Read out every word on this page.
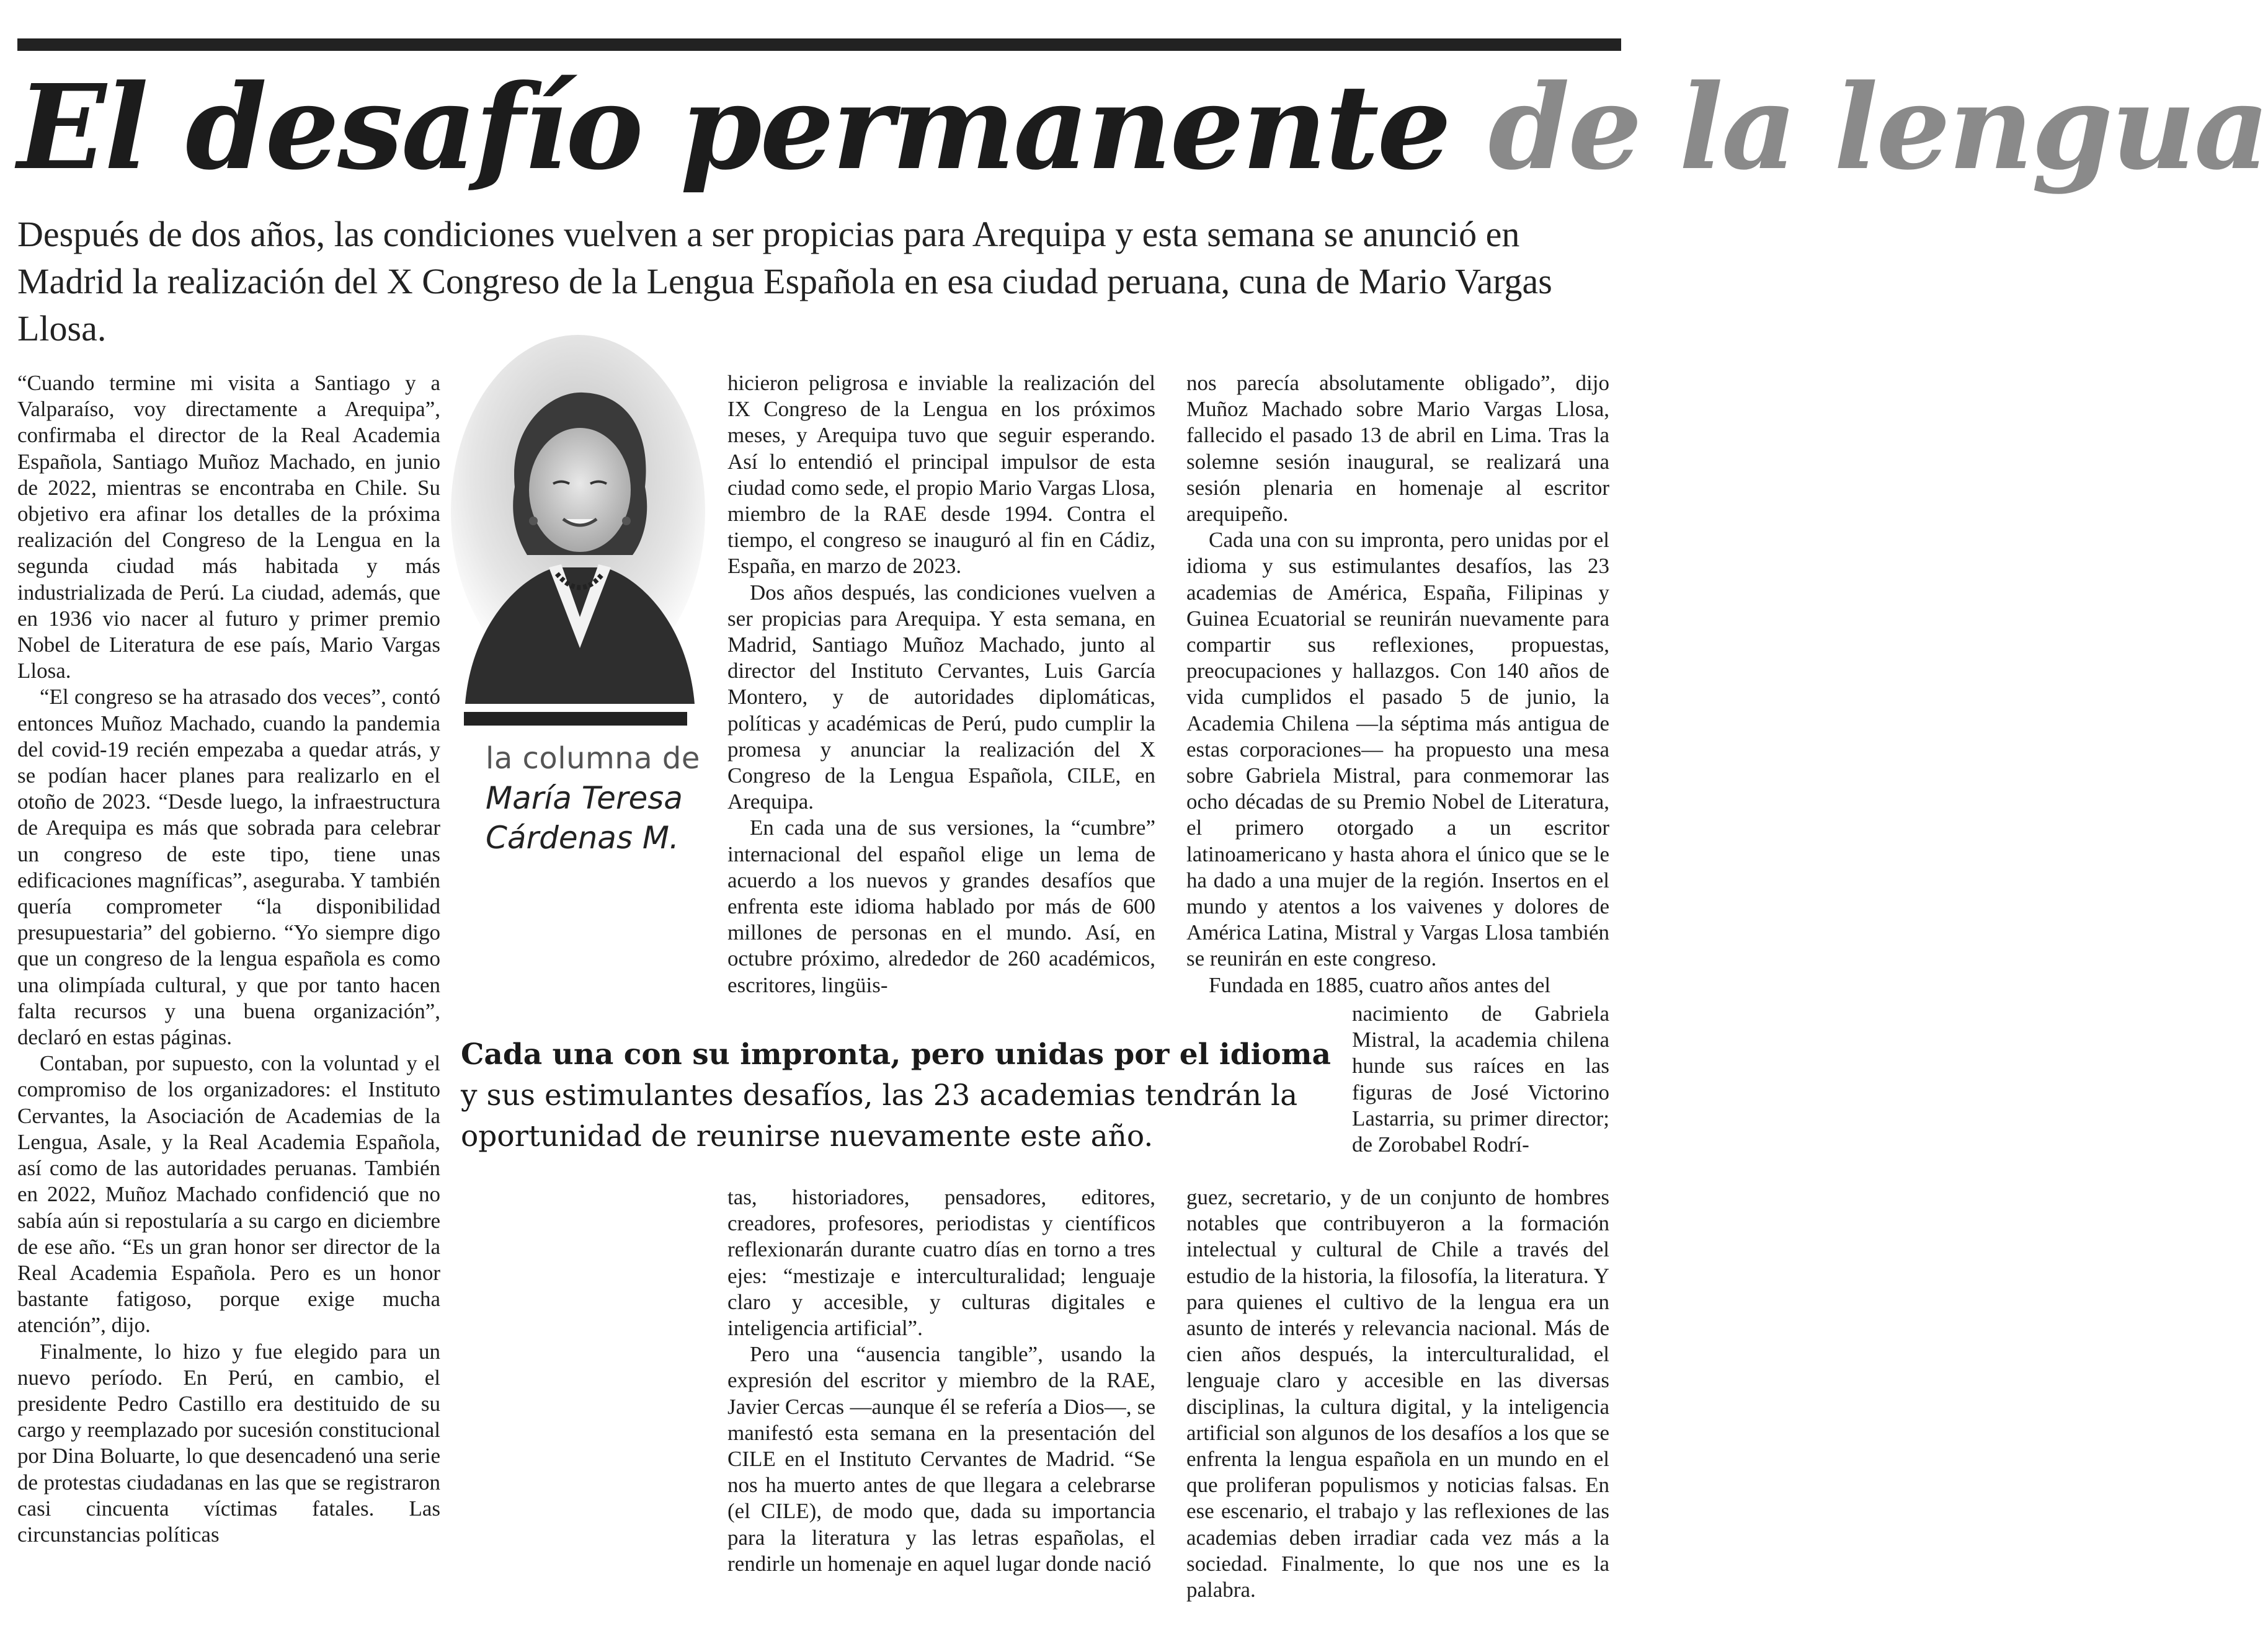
El desafío permanente de la lengua

Después de dos años, las condiciones vuelven a ser propicias para Arequipa y esta semana se anunció en Madrid la realización del X Congreso de la Lengua Española en esa ciudad peruana, cuna de Mario Vargas Llosa.

“Cuando termine mi visita a Santiago y a Valparaíso, voy directamente a Arequipa”, confirmaba el director de la Real Academia Española, Santiago Muñoz Machado, en junio de 2022, mientras se encontraba en Chile. Su objetivo era afinar los detalles de la próxima realización del Congreso de la Lengua en la segunda ciudad más habitada y más industrializada de Perú. La ciudad, además, que en 1936 vio nacer al futuro y primer premio Nobel de Literatura de ese país, Mario Vargas Llosa.

“El congreso se ha atrasado dos veces”, contó entonces Muñoz Machado, cuando la pandemia del covid-19 recién empezaba a quedar atrás, y se podían hacer planes para realizarlo en el otoño de 2023. “Desde luego, la infraestructura de Arequipa es más que sobrada para celebrar un congreso de este tipo, tiene unas edificaciones magníficas”, aseguraba. Y también quería comprometer “la disponibilidad presupuestaria” del gobierno. “Yo siempre digo que un congreso de la lengua española es como una olimpíada cultural, y que por tanto hacen falta recursos y una buena organización”, declaró en estas páginas.

Contaban, por supuesto, con la voluntad y el compromiso de los organizadores: el Instituto Cervantes, la Asociación de Academias de la Lengua, Asale, y la Real Academia Española, así como de las autoridades peruanas. También en 2022, Muñoz Machado confidenció que no sabía aún si repostularía a su cargo en diciembre de ese año. “Es un gran honor ser director de la Real Academia Española. Pero es un honor bastante fatigoso, porque exige mucha atención”, dijo.

Finalmente, lo hizo y fue elegido para un nuevo período. En Perú, en cambio, el presidente Pedro Castillo era destituido de su cargo y reemplazado por sucesión constitucional por Dina Boluarte, lo que desencadenó una serie de protestas ciudadanas en las que se registraron casi cincuenta víctimas fatales. Las circunstancias políticas

la columna de
María Teresa
Cárdenas M.

hicieron peligrosa e inviable la realización del IX Congreso de la Lengua en los próximos meses, y Arequipa tuvo que seguir esperando. Así lo entendió el principal impulsor de esta ciudad como sede, el propio Mario Vargas Llosa, miembro de la RAE desde 1994. Contra el tiempo, el congreso se inauguró al fin en Cádiz, España, en marzo de 2023.

Dos años después, las condiciones vuelven a ser propicias para Arequipa. Y esta semana, en Madrid, Santiago Muñoz Machado, junto al director del Instituto Cervantes, Luis García Montero, y de autoridades diplomáticas, políticas y académicas de Perú, pudo cumplir la promesa y anunciar la realización del X Congreso de la Lengua Española, CILE, en Arequipa.

En cada una de sus versiones, la “cumbre” internacional del español elige un lema de acuerdo a los nuevos y grandes desafíos que enfrenta este idioma hablado por más de 600 millones de personas en el mundo. Así, en octubre próximo, alrededor de 260 académicos, escritores, lingüis-

Cada una con su impronta, pero unidas por el idioma y sus estimulantes desafíos, las 23 academias tendrán la oportunidad de reunirse nuevamente este año.

tas, historiadores, pensadores, editores, creadores, profesores, periodistas y científicos reflexionarán durante cuatro días en torno a tres ejes: “mestizaje e interculturalidad; lenguaje claro y accesible, y culturas digitales e inteligencia artificial”.

Pero una “ausencia tangible”, usando la expresión del escritor y miembro de la RAE, Javier Cercas —aunque él se refería a Dios—, se manifestó esta semana en la presentación del CILE en el Instituto Cervantes de Madrid. “Se nos ha muerto antes de que llegara a celebrarse (el CILE), de modo que, dada su importancia para la literatura y las letras españolas, el rendirle un homenaje en aquel lugar donde nació

nos parecía absolutamente obligado”, dijo Muñoz Machado sobre Mario Vargas Llosa, fallecido el pasado 13 de abril en Lima. Tras la solemne sesión inaugural, se realizará una sesión plenaria en homenaje al escritor arequipeño.

Cada una con su impronta, pero unidas por el idioma y sus estimulantes desafíos, las 23 academias de América, España, Filipinas y Guinea Ecuatorial se reunirán nuevamente para compartir sus reflexiones, propuestas, preocupaciones y hallazgos. Con 140 años de vida cumplidos el pasado 5 de junio, la Academia Chilena —la séptima más antigua de estas corporaciones— ha propuesto una mesa sobre Gabriela Mistral, para conmemorar las ocho décadas de su Premio Nobel de Literatura, el primero otorgado a un escritor latinoamericano y hasta ahora el único que se le ha dado a una mujer de la región. Insertos en el mundo y atentos a los vaivenes y dolores de América Latina, Mistral y Vargas Llosa también se reunirán en este congreso.

Fundada en 1885, cuatro años antes del

nacimiento de Gabriela Mistral, la academia chilena hunde sus raíces en las figuras de José Victorino Lastarria, su primer director; de Zorobabel Rodrí-

guez, secretario, y de un conjunto de hombres notables que contribuyeron a la formación intelectual y cultural de Chile a través del estudio de la historia, la filosofía, la literatura. Y para quienes el cultivo de la lengua era un asunto de interés y relevancia nacional. Más de cien años después, la interculturalidad, el lenguaje claro y accesible en las diversas disciplinas, la cultura digital, y la inteligencia artificial son algunos de los desafíos a los que se enfrenta la lengua española en un mundo en el que proliferan populismos y noticias falsas. En ese escenario, el trabajo y las reflexiones de las academias deben irradiar cada vez más a la sociedad. Finalmente, lo que nos une es la palabra.
